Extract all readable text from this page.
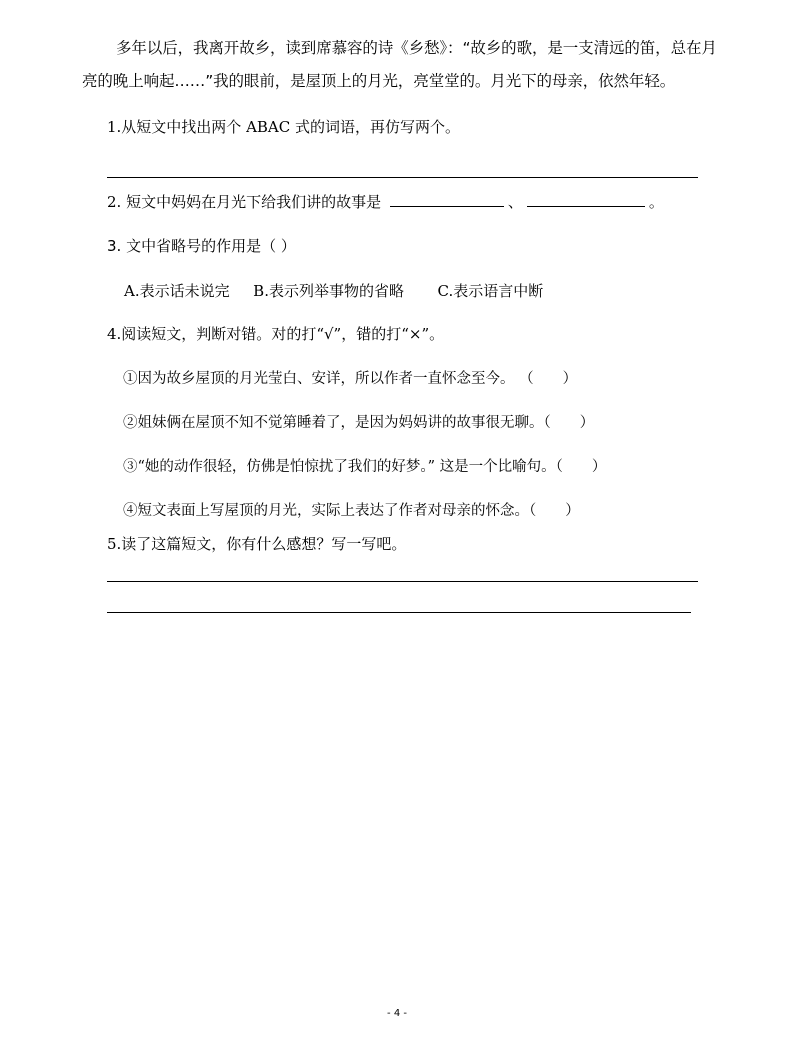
多年以后，我离开故乡，读到席慕容的诗《乡愁》：“故乡的歌，是一支清远的笛，总在月
亮的晚上响起……”我的眼前，是屋顶上的月光，亮堂堂的。月光下的母亲，依然年轻。
1.从短文中找出两个 ABAC 式的词语，再仿写两个。
2. 短文中妈妈在月光下给我们讲的故事是	、	。
3. 文中省略号的作用是（ ）
A.表示话未说完 B.表示列举事物的省略 C.表示语言中断
4.阅读短文，判断对错。对的打“√”，错的打“×”。
①因为故乡屋顶的月光莹白、安详，所以作者一直怀念至今。 （　　）
②姐妹俩在屋顶不知不觉第睡着了，是因为妈妈讲的故事很无聊。（　　）
③“她的动作很轻，仿佛是怕惊扰了我们的好梦。” 这是一个比喻句。（　　）
④短文表面上写屋顶的月光，实际上表达了作者对母亲的怀念。（　　）
5.读了这篇短文，你有什么感想？写一写吧。
- 4 -
